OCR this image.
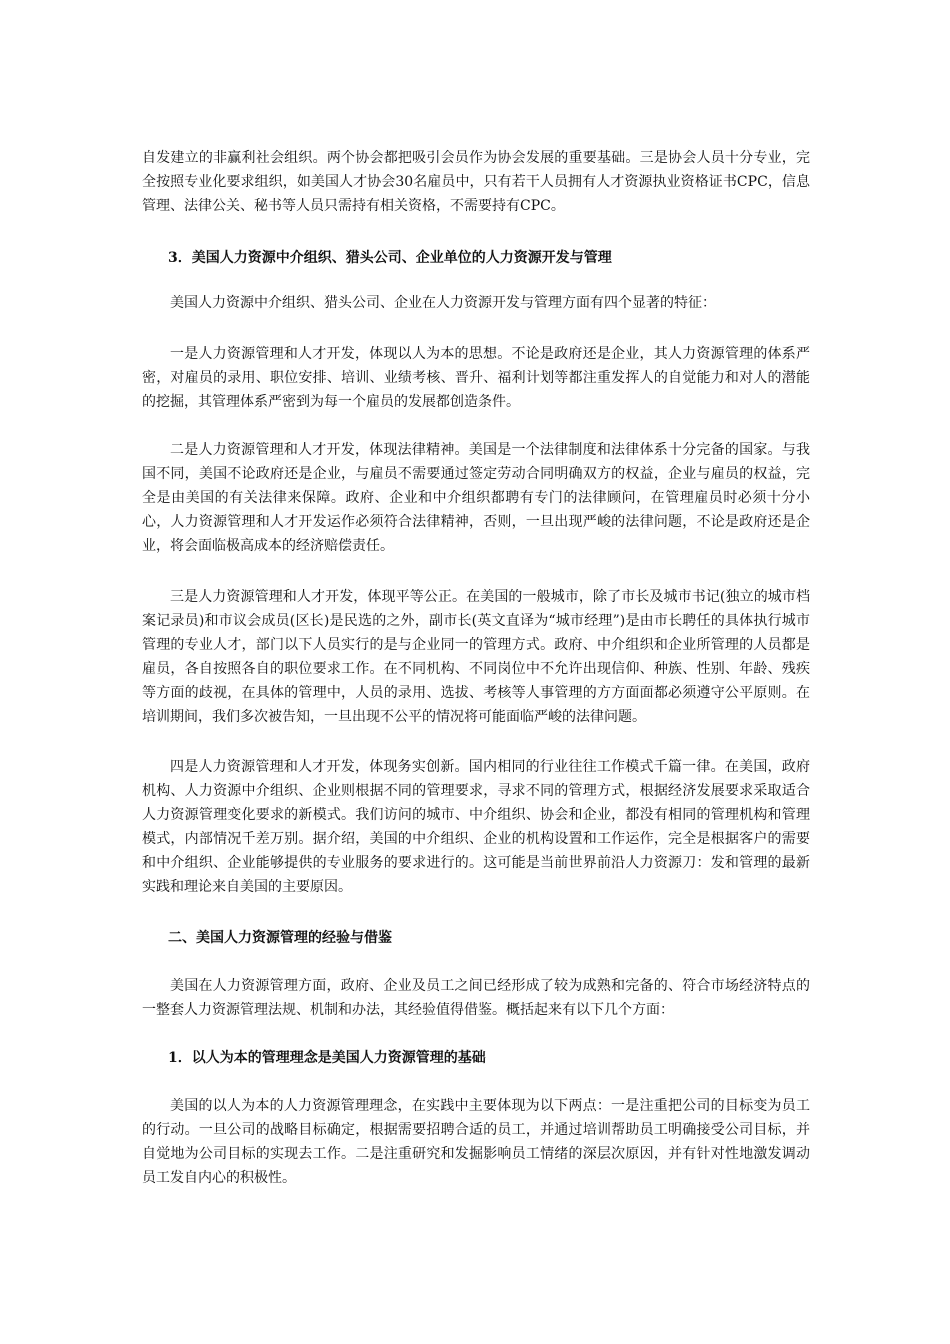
自发建立的非赢利社会组织。两个协会都把吸引会员作为协会发展的重要基础。三是协会人员十分专业，完全按照专业化要求组织，如美国人才协会30名雇员中，只有若干人员拥有人才资源执业资格证书CPC，信息管理、法律公关、秘书等人员只需持有相关资格，不需要持有CPC。

3．美国人力资源中介组织、猎头公司、企业单位的人力资源开发与管理

美国人力资源中介组织、猎头公司、企业在人力资源开发与管理方面有四个显著的特征：

一是人力资源管理和人才开发，体现以人为本的思想。不论是政府还是企业，其人力资源管理的体系严密，对雇员的录用、职位安排、培训、业绩考核、晋升、福利计划等都注重发挥人的自觉能力和对人的潜能的挖掘，其管理体系严密到为每一个雇员的发展都创造条件。

二是人力资源管理和人才开发，体现法律精神。美国是一个法律制度和法律体系十分完备的国家。与我国不同，美国不论政府还是企业，与雇员不需要通过签定劳动合同明确双方的权益，企业与雇员的权益，完全是由美国的有关法律来保障。政府、企业和中介组织都聘有专门的法律顾问，在管理雇员时必须十分小心，人力资源管理和人才开发运作必须符合法律精神，否则，一旦出现严峻的法律问题，不论是政府还是企业，将会面临极高成本的经济赔偿责任。

三是人力资源管理和人才开发，体现平等公正。在美国的一般城市，除了市长及城市书记(独立的城市档案记录员)和市议会成员(区长)是民选的之外，副市长(英文直译为“城市经理”)是由市长聘任的具体执行城市管理的专业人才，部门以下人员实行的是与企业同一的管理方式。政府、中介组织和企业所管理的人员都是雇员，各自按照各自的职位要求工作。在不同机构、不同岗位中不允许出现信仰、种族、性别、年龄、残疾等方面的歧视，在具体的管理中，人员的录用、选拔、考核等人事管理的方方面面都必须遵守公平原则。在培训期间，我们多次被告知，一旦出现不公平的情况将可能面临严峻的法律问题。

四是人力资源管理和人才开发，体现务实创新。国内相同的行业往往工作模式千篇一律。在美国，政府机构、人力资源中介组织、企业则根据不同的管理要求，寻求不同的管理方式，根据经济发展要求采取适合人力资源管理变化要求的新模式。我们访问的城市、中介组织、协会和企业，都没有相同的管理机构和管理模式，内部情况千差万别。据介绍，美国的中介组织、企业的机构设置和工作运作，完全是根据客户的需要和中介组织、企业能够提供的专业服务的要求进行的。这可能是当前世界前沿人力资源刀：发和管理的最新实践和理论来自美国的主要原因。

二、美国人力资源管理的经验与借鉴

美国在人力资源管理方面，政府、企业及员工之间已经形成了较为成熟和完备的、符合市场经济特点的一整套人力资源管理法规、机制和办法，其经验值得借鉴。概括起来有以下几个方面：

1．以人为本的管理理念是美国人力资源管理的基础

美国的以人为本的人力资源管理理念，在实践中主要体现为以下两点：一是注重把公司的目标变为员工的行动。一旦公司的战略目标确定，根据需要招聘合适的员工，并通过培训帮助员工明确接受公司目标，并自觉地为公司目标的实现去工作。二是注重研究和发掘影响员工情绪的深层次原因，并有针对性地激发调动员工发自内心的积极性。
